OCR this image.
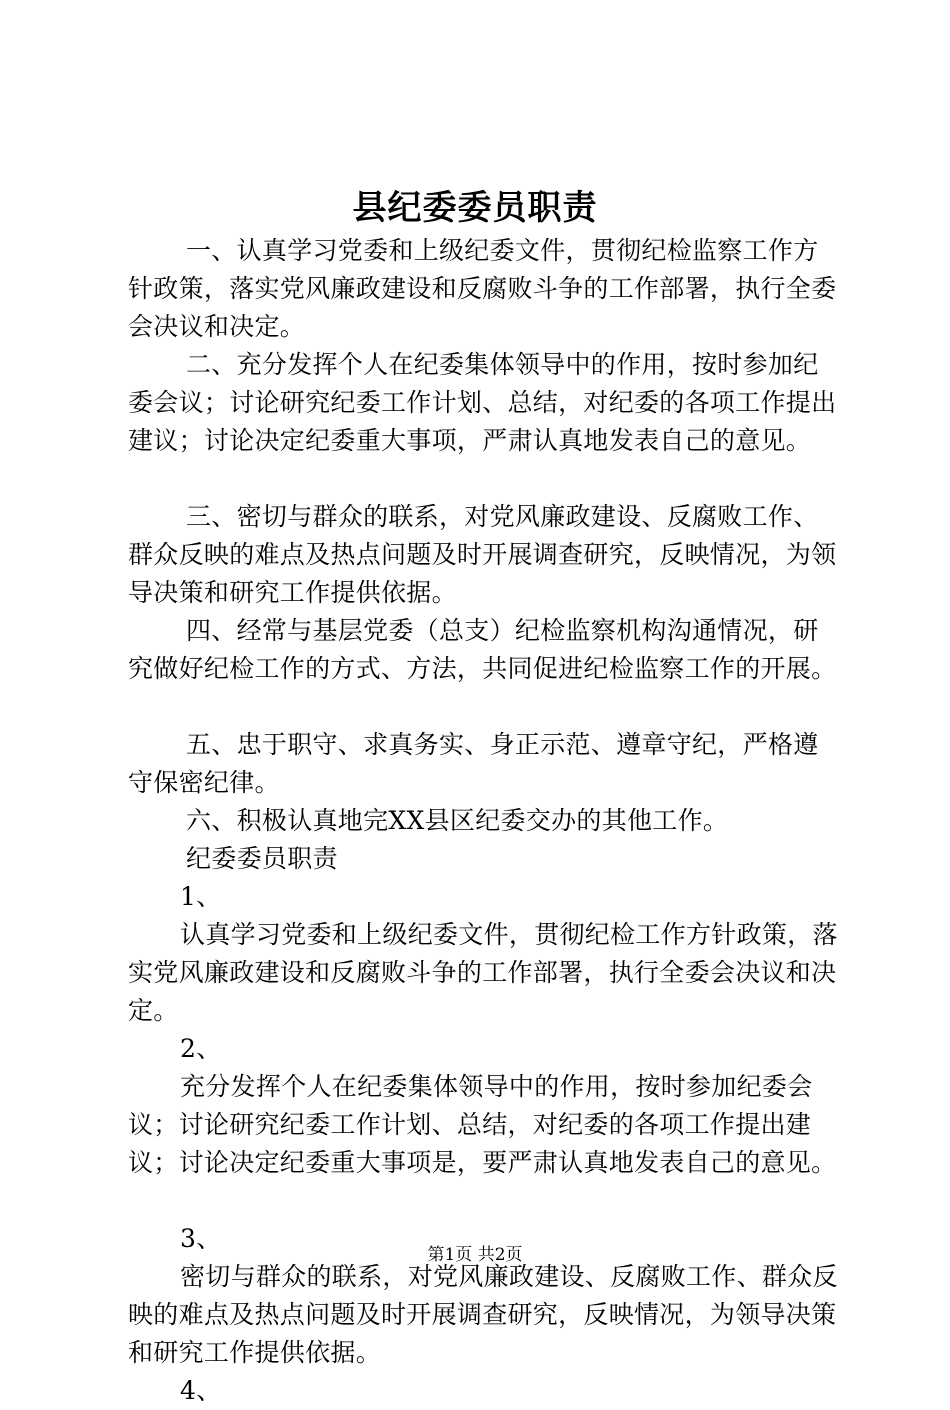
县纪委委员职责

一、认真学习党委和上级纪委文件，贯彻纪检监察工作方针政策，落实党风廉政建设和反腐败斗争的工作部署，执行全委会决议和决定。

二、充分发挥个人在纪委集体领导中的作用，按时参加纪委会议；讨论研究纪委工作计划、总结，对纪委的各项工作提出建议；讨论决定纪委重大事项，严肃认真地发表自己的意见。

三、密切与群众的联系，对党风廉政建设、反腐败工作、群众反映的难点及热点问题及时开展调查研究，反映情况，为领导决策和研究工作提供依据。

四、经常与基层党委（总支）纪检监察机构沟通情况，研究做好纪检工作的方式、方法，共同促进纪检监察工作的开展。

五、忠于职守、求真务实、身正示范、遵章守纪，严格遵守保密纪律。

六、积极认真地完XX县区纪委交办的其他工作。

纪委委员职责

1、

认真学习党委和上级纪委文件，贯彻纪检工作方针政策，落实党风廉政建设和反腐败斗争的工作部署，执行全委会决议和决定。

2、

充分发挥个人在纪委集体领导中的作用，按时参加纪委会议；讨论研究纪委工作计划、总结，对纪委的各项工作提出建议；讨论决定纪委重大事项是，要严肃认真地发表自己的意见。

3、

密切与群众的联系，对党风廉政建设、反腐败工作、群众反映的难点及热点问题及时开展调查研究，反映情况，为领导决策和研究工作提供依据。

4、

第1页 共2页
